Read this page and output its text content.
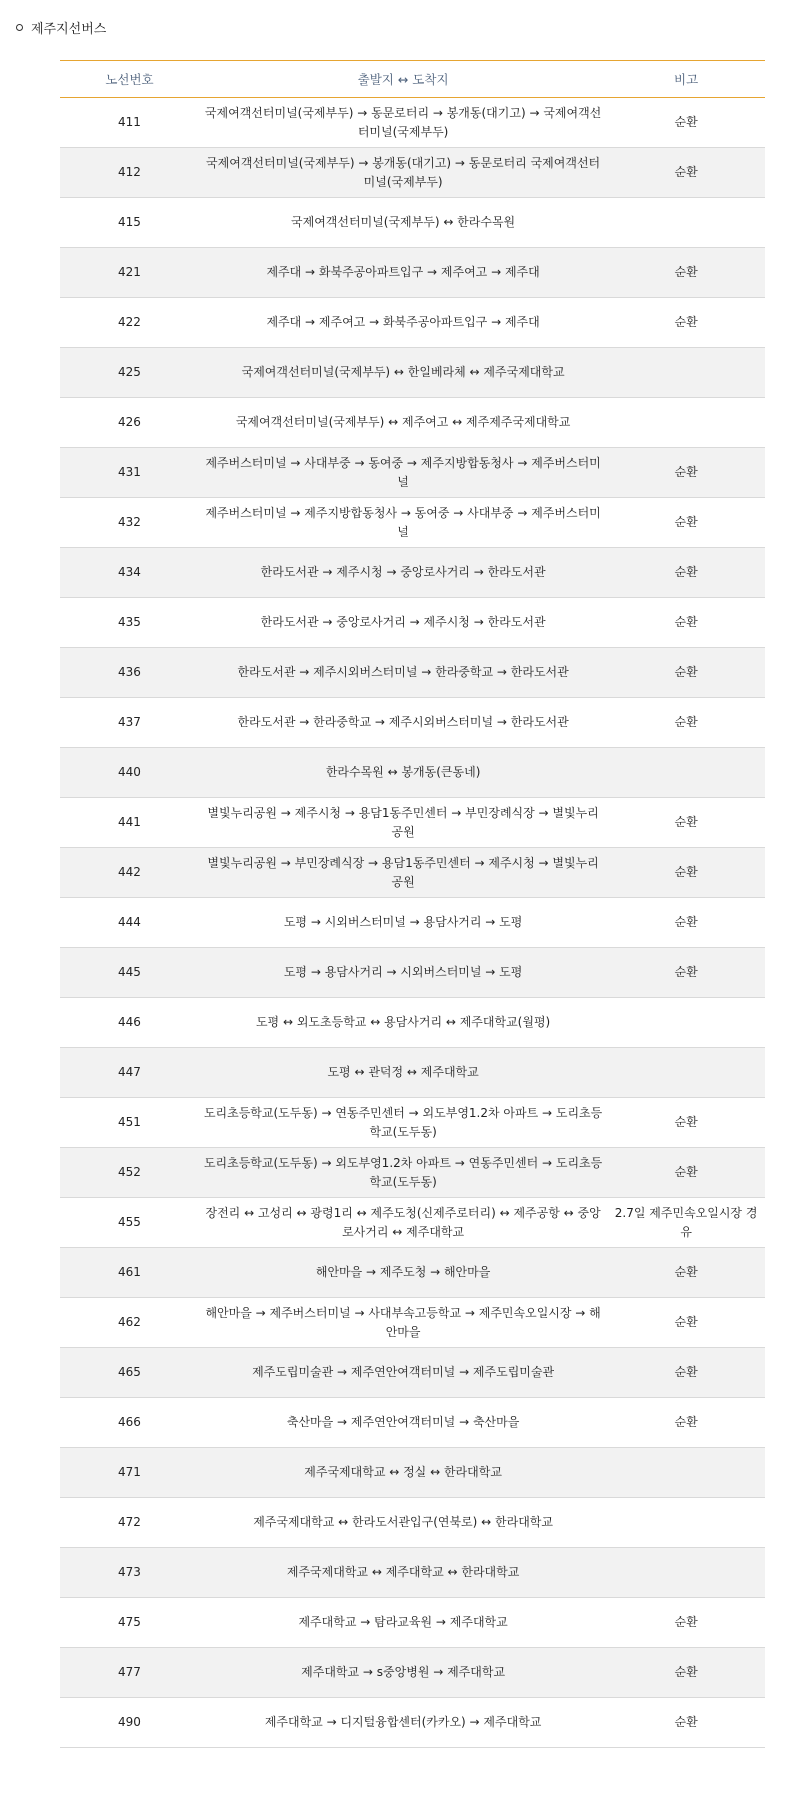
제주지선버스
노선번호	출발지 ↔ 도착지	비고
411	국제여객선터미널(국제부두) → 동문로터리 → 봉개동(대기고) → 국제여객선터미널(국제부두)	순환
412	국제여객선터미널(국제부두) → 봉개동(대기고) → 동문로터리 국제여객선터미널(국제부두)	순환
415	국제여객선터미널(국제부두) ↔ 한라수목원	
421	제주대 → 화북주공아파트입구 → 제주여고 → 제주대	순환
422	제주대 → 제주여고 → 화북주공아파트입구 → 제주대	순환
425	국제여객선터미널(국제부두) ↔ 한일베라체 ↔ 제주국제대학교	
426	국제여객선터미널(국제부두) ↔ 제주여고 ↔ 제주제주국제대학교	
431	제주버스터미널 → 사대부중 → 동여중 → 제주지방합동청사 → 제주버스터미널	순환
432	제주버스터미널 → 제주지방합동청사 → 동여중 → 사대부중 → 제주버스터미널	순환
434	한라도서관 → 제주시청 → 중앙로사거리 → 한라도서관	순환
435	한라도서관 → 중앙로사거리 → 제주시청 → 한라도서관	순환
436	한라도서관 → 제주시외버스터미널 → 한라중학교 → 한라도서관	순환
437	한라도서관 → 한라중학교 → 제주시외버스터미널 → 한라도서관	순환
440	한라수목원 ↔ 봉개동(큰동네)	
441	별빛누리공원 → 제주시청 → 용담1동주민센터 → 부민장례식장 → 별빛누리공원	순환
442	별빛누리공원 → 부민장례식장 → 용담1동주민센터 → 제주시청 → 별빛누리공원	순환
444	도평 → 시외버스터미널 → 용담사거리 → 도평	순환
445	도평 → 용담사거리 → 시외버스터미널 → 도평	순환
446	도평 ↔ 외도초등학교 ↔ 용담사거리 ↔ 제주대학교(월평)	
447	도평 ↔ 관덕정 ↔ 제주대학교	
451	도리초등학교(도두동) → 연동주민센터 → 외도부영1.2차 아파트 → 도리초등학교(도두동)	순환
452	도리초등학교(도두동) → 외도부영1.2차 아파트 → 연동주민센터 → 도리초등학교(도두동)	순환
455	장전리 ↔ 고성리 ↔ 광령1리 ↔ 제주도청(신제주로터리) ↔ 제주공항 ↔ 중앙로사거리 ↔ 제주대학교	2.7일 제주민속오일시장 경유
461	해안마을 → 제주도청 → 해안마을	순환
462	해안마을 → 제주버스터미널 → 사대부속고등학교 → 제주민속오일시장 → 해안마을	순환
465	제주도립미술관 → 제주연안여객터미널 → 제주도립미술관	순환
466	축산마을 → 제주연안여객터미널 → 축산마을	순환
471	제주국제대학교 ↔ 정실 ↔ 한라대학교	
472	제주국제대학교 ↔ 한라도서관입구(연북로) ↔ 한라대학교	
473	제주국제대학교 ↔ 제주대학교 ↔ 한라대학교	
475	제주대학교 → 탐라교육원 → 제주대학교	순환
477	제주대학교 → s중앙병원 → 제주대학교	순환
490	제주대학교 → 디지털융합센터(카카오) → 제주대학교	순환
